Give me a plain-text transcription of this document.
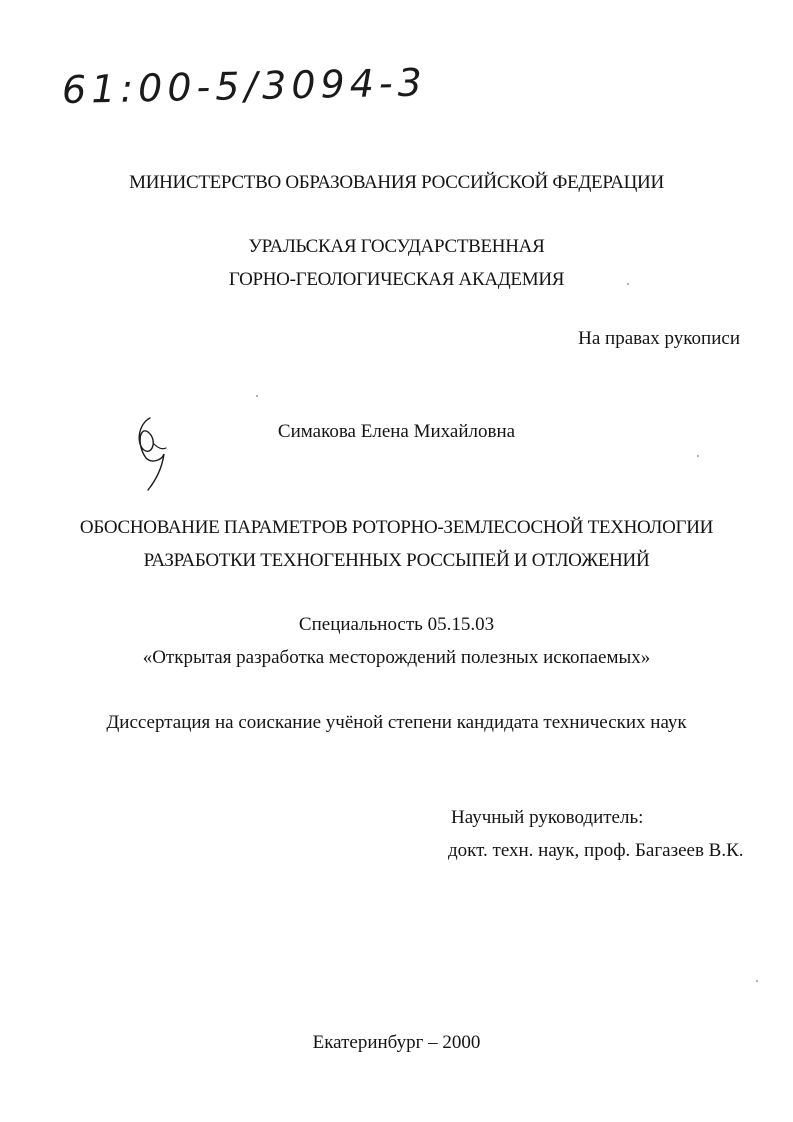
61:00-5/3094-3
МИНИСТЕРСТВО ОБРАЗОВАНИЯ РОССИЙСКОЙ ФЕДЕРАЦИИ
УРАЛЬСКАЯ ГОСУДАРСТВЕННАЯ
ГОРНО-ГЕОЛОГИЧЕСКАЯ АКАДЕМИЯ
На правах рукописи
Симакова Елена Михайловна
ОБОСНОВАНИЕ ПАРАМЕТРОВ РОТОРНО-ЗЕМЛЕСОСНОЙ ТЕХНОЛОГИИ
РАЗРАБОТКИ ТЕХНОГЕННЫХ РОССЫПЕЙ И ОТЛОЖЕНИЙ
Специальность 05.15.03
«Открытая разработка месторождений полезных ископаемых»
Диссертация на соискание учёной степени кандидата технических наук
Научный руководитель:
докт. техн. наук, проф. Багазеев В.К.
Екатеринбург – 2000
